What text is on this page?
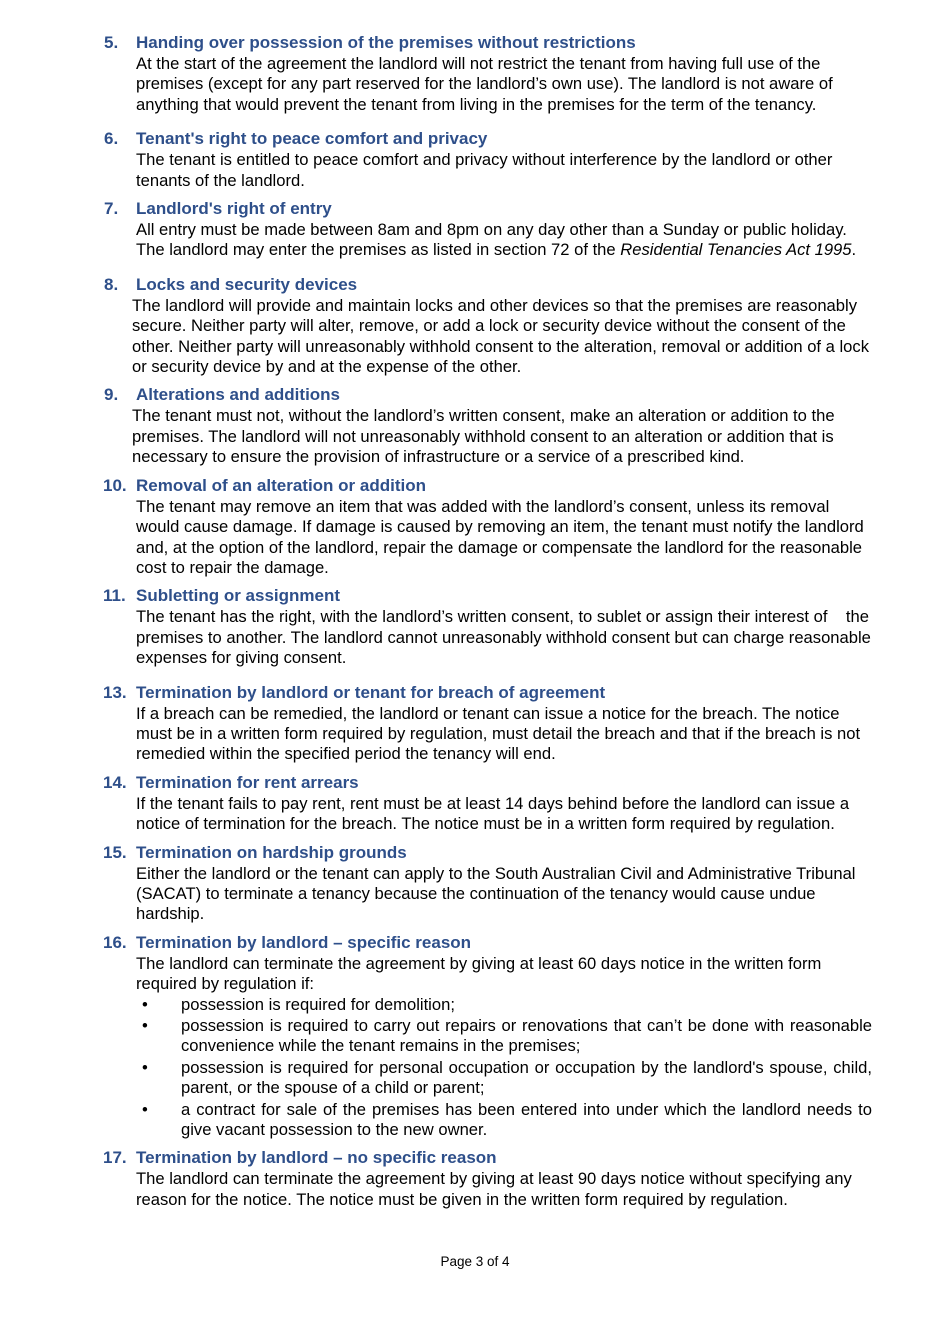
5. Handing over possession of the premises without restrictions
At the start of the agreement the landlord will not restrict the tenant from having full use of the premises (except for any part reserved for the landlord’s own use). The landlord is not aware of anything that would prevent the tenant from living in the premises for the term of the tenancy.
6. Tenant's right to peace comfort and privacy
The tenant is entitled to peace comfort and privacy without interference by the landlord or other tenants of the landlord.
7. Landlord's right of entry
All entry must be made between 8am and 8pm on any day other than a Sunday or public holiday. The landlord may enter the premises as listed in section 72 of the Residential Tenancies Act 1995.
8. Locks and security devices
The landlord will provide and maintain locks and other devices so that the premises are reasonably secure. Neither party will alter, remove, or add a lock or security device without the consent of the other. Neither party will unreasonably withhold consent to the alteration, removal or addition of a lock or security device by and at the expense of the other.
9. Alterations and additions
The tenant must not, without the landlord’s written consent, make an alteration or addition to the premises. The landlord will not unreasonably withhold consent to an alteration or addition that is necessary to ensure the provision of infrastructure or a service of a prescribed kind.
10. Removal of an alteration or addition
The tenant may remove an item that was added with the landlord’s consent, unless its removal would cause damage. If damage is caused by removing an item, the tenant must notify the landlord and, at the option of the landlord, repair the damage or compensate the landlord for the reasonable cost to repair the damage.
11. Subletting or assignment
The tenant has the right, with the landlord’s written consent, to sublet or assign their interest of    the premises to another. The landlord cannot unreasonably withhold consent but can charge reasonable expenses for giving consent.
13. Termination by landlord or tenant for breach of agreement
If a breach can be remedied, the landlord or tenant can issue a notice for the breach. The notice must be in a written form required by regulation, must detail the breach and that if the breach is not remedied within the specified period the tenancy will end.
14. Termination for rent arrears
If the tenant fails to pay rent, rent must be at least 14 days behind before the landlord can issue a notice of termination for the breach. The notice must be in a written form required by regulation.
15. Termination on hardship grounds
Either the landlord or the tenant can apply to the South Australian Civil and Administrative Tribunal (SACAT) to terminate a tenancy because the continuation of the tenancy would cause undue hardship.
16. Termination by landlord – specific reason
The landlord can terminate the agreement by giving at least 60 days notice in the written form required by regulation if:
• possession is required for demolition;
• possession is required to carry out repairs or renovations that can’t be done with reasonable convenience while the tenant remains in the premises;
• possession is required for personal occupation or occupation by the landlord's spouse, child, parent, or the spouse of a child or parent;
• a contract for sale of the premises has been entered into under which the landlord needs to give vacant possession to the new owner.
17. Termination by landlord – no specific reason
The landlord can terminate the agreement by giving at least 90 days notice without specifying any reason for the notice. The notice must be given in the written form required by regulation.
Page 3 of 4
